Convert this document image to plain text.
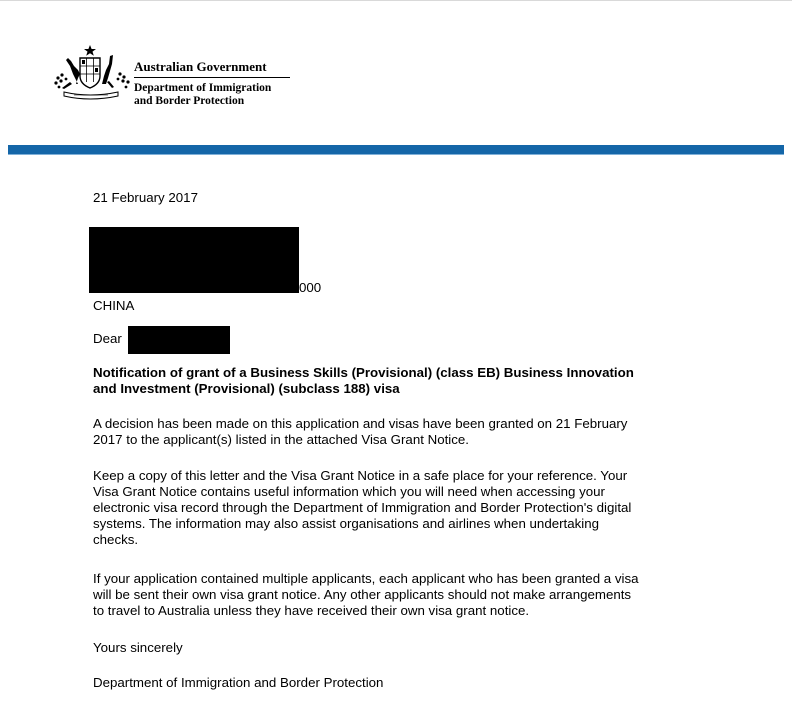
Australian Government
Department of Immigration
and Border Protection
21 February 2017
000
CHINA
Dear
Notification of grant of a Business Skills (Provisional) (class EB) Business Innovation
and Investment (Provisional) (subclass 188) visa
A decision has been made on this application and visas have been granted on 21 February
2017 to the applicant(s) listed in the attached Visa Grant Notice.
Keep a copy of this letter and the Visa Grant Notice in a safe place for your reference. Your
Visa Grant Notice contains useful information which you will need when accessing your
electronic visa record through the Department of Immigration and Border Protection's digital
systems. The information may also assist organisations and airlines when undertaking
checks.
If your application contained multiple applicants, each applicant who has been granted a visa
will be sent their own visa grant notice. Any other applicants should not make arrangements
to travel to Australia unless they have received their own visa grant notice.
Yours sincerely
Department of Immigration and Border Protection
